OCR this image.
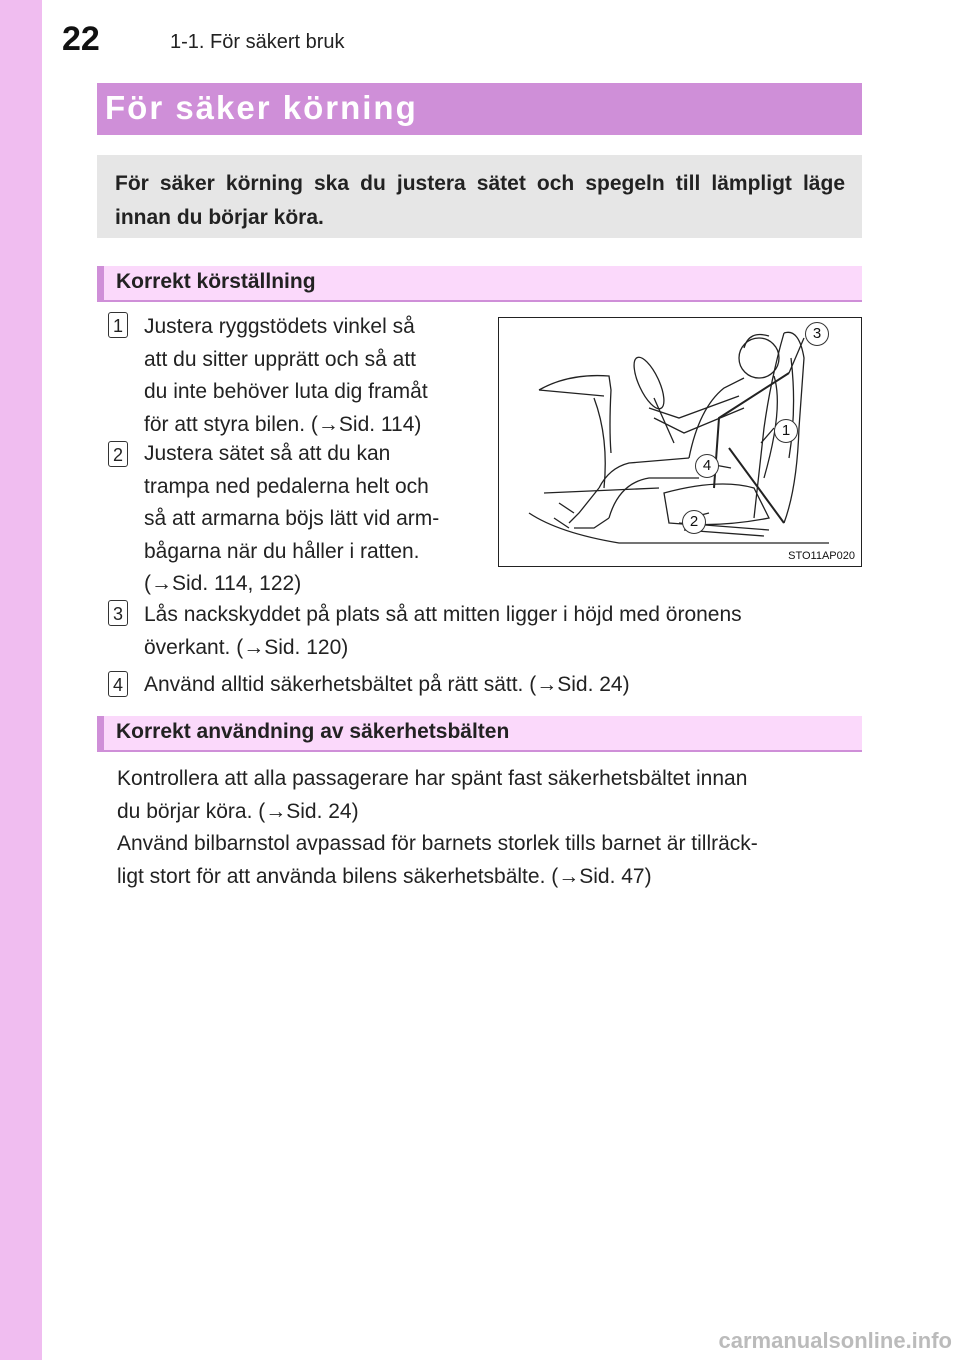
22	1-1. För säkert bruk
För säker körning
För säker körning ska du justera sätet och spegeln till lämpligt läge innan du börjar köra.
Korrekt körställning
1 Justera ryggstödets vinkel så
att du sitter upprätt och så att
du inte behöver luta dig framåt
för att styra bilen. (→Sid. 114)
2 Justera sätet så att du kan
trampa ned pedalerna helt och
så att armarna böjs lätt vid arm-
bågarna när du håller i ratten.
(→Sid. 114, 122)
3
1
4
2
STO11AP020
3 Lås nackskyddet på plats så att mitten ligger i höjd med öronens
överkant. (→Sid. 120)
4 Använd alltid säkerhetsbältet på rätt sätt. (→Sid. 24)
Korrekt användning av säkerhetsbälten
Kontrollera att alla passagerare har spänt fast säkerhetsbältet innan
du börjar köra. (→Sid. 24)
Använd bilbarnstol avpassad för barnets storlek tills barnet är tillräck-
ligt stort för att använda bilens säkerhetsbälte. (→Sid. 47)
carmanualsonline.info
